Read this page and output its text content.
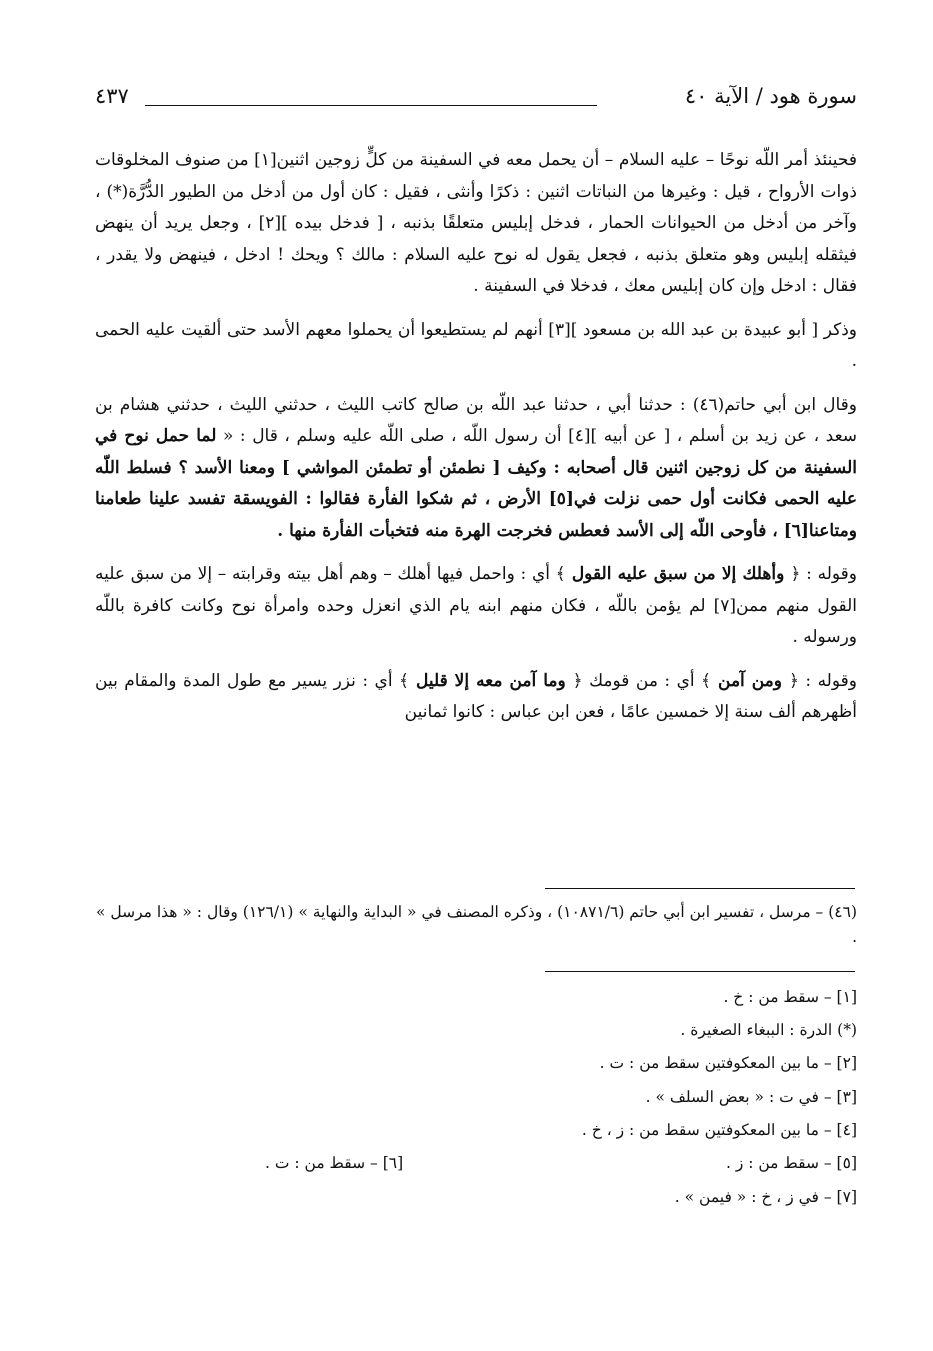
سورة هود / الآية ٤٠
٤٣٧

فحينئذ أمر اللّه نوحًا – عليه السلام – أن يحمل معه في السفينة من كلٍّ زوجين اثنين[١] من صنوف المخلوقات ذوات الأرواح ، قيل : وغيرها من النباتات اثنين : ذكرًا وأنثى ، فقيل : كان أول من أدخل من الطيور الدُّرَّة(*) ، وآخر من أدخل من الحيوانات الحمار ، فدخل إبليس متعلقًا بذنبه ، [ فدخل بيده ][٢] ، وجعل يريد أن ينهض فيثقله إبليس وهو متعلق بذنبه ، فجعل يقول له نوح عليه السلام : مالك ؟ ويحك ! ادخل ، فينهض ولا يقدر ، فقال : ادخل وإن كان إبليس معك ، فدخلا في السفينة .

وذكر [ أبو عبيدة بن عبد الله بن مسعود ][٣] أنهم لم يستطيعوا أن يحملوا معهم الأسد حتى ألقيت عليه الحمى .

وقال ابن أبي حاتم(٤٦) : حدثنا أبي ، حدثنا عبد اللّه بن صالح كاتب الليث ، حدثني الليث ، حدثني هشام بن سعد ، عن زيد بن أسلم ، [ عن أبيه ][٤] أن رسول اللّه ، صلى اللّه عليه وسلم ، قال : « لما حمل نوح في السفينة من كل زوجين اثنين قال أصحابه : وكيف [ نطمئن أو تطمئن المواشي ] ومعنا الأسد ؟ فسلط اللّه عليه الحمى فكانت أول حمى نزلت في[٥] الأرض ، ثم شكوا الفأرة فقالوا : الفويسقة تفسد علينا طعامنا ومتاعنا[٦] ، فأوحى اللّه إلى الأسد فعطس فخرجت الهرة منه فتخبأت الفأرة منها .

وقوله : ﴿ وأهلك إلا من سبق عليه القول ﴾ أي : واحمل فيها أهلك – وهم أهل بيته وقرابته – إلا من سبق عليه القول منهم ممن[٧] لم يؤمن باللّه ، فكان منهم ابنه يام الذي انعزل وحده وامرأة نوح وكانت كافرة باللّه ورسوله .

وقوله : ﴿ ومن آمن ﴾ أي : من قومك ﴿ وما آمن معه إلا قليل ﴾ أي : نزر يسير مع طول المدة والمقام بين أظهرهم ألف سنة إلا خمسين عامًا ، فعن ابن عباس : كانوا ثمانين

(٤٦) – مرسل ، تفسير ابن أبي حاتم (١٠٨٧١/٦) ، وذكره المصنف في « البداية والنهاية » (١٢٦/١) وقال : « هذا مرسل » .
[١] – سقط من : خ .
(*) الدرة : الببغاء الصغيرة .
[٢] – ما بين المعكوفتين سقط من : ت .
[٣] – في ت : « بعض السلف » .
[٤] – ما بين المعكوفتين سقط من : ز ، خ .
[٥] – سقط من : ز .
[٦] – سقط من : ت .
[٧] – في ز ، خ : « فيمن » .
